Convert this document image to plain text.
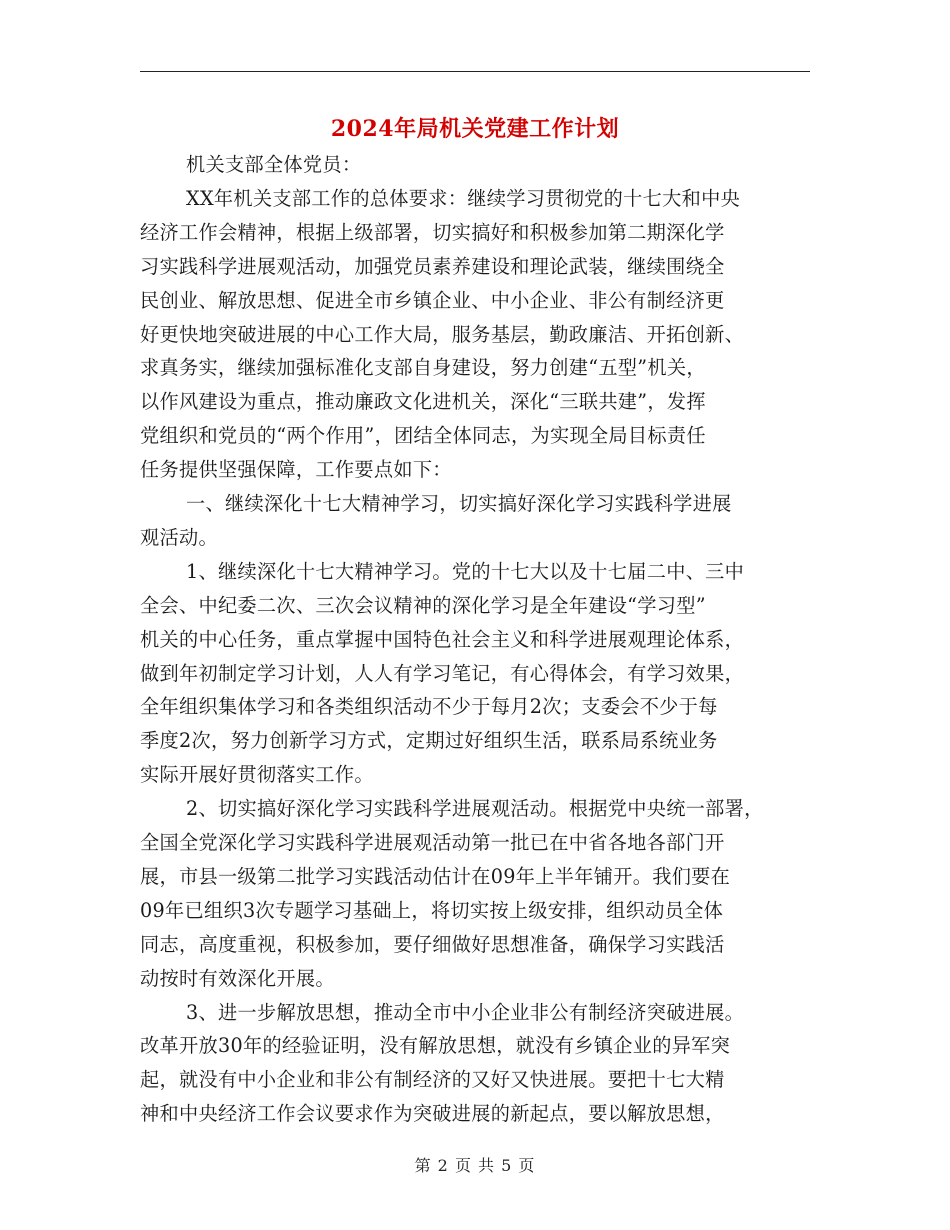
2024年局机关党建工作计划
机关支部全体党员：
XX年机关支部工作的总体要求：继续学习贯彻党的十七大和中央
经济工作会精神，根据上级部署，切实搞好和积极参加第二期深化学
习实践科学进展观活动，加强党员素养建设和理论武装，继续围绕全
民创业、解放思想、促进全市乡镇企业、中小企业、非公有制经济更
好更快地突破进展的中心工作大局，服务基层，勤政廉洁、开拓创新、
求真务实，继续加强标准化支部自身建设，努力创建“五型”机关，
以作风建设为重点，推动廉政文化进机关，深化“三联共建”，发挥
党组织和党员的“两个作用”，团结全体同志，为实现全局目标责任
任务提供坚强保障，工作要点如下：
一、继续深化十七大精神学习，切实搞好深化学习实践科学进展
观活动。
1、继续深化十七大精神学习。党的十七大以及十七届二中、三中
全会、中纪委二次、三次会议精神的深化学习是全年建设“学习型”
机关的中心任务，重点掌握中国特色社会主义和科学进展观理论体系，
做到年初制定学习计划，人人有学习笔记，有心得体会，有学习效果，
全年组织集体学习和各类组织活动不少于每月2次；支委会不少于每
季度2次，努力创新学习方式，定期过好组织生活，联系局系统业务
实际开展好贯彻落实工作。
2、切实搞好深化学习实践科学进展观活动。根据党中央统一部署，
全国全党深化学习实践科学进展观活动第一批已在中省各地各部门开
展，市县一级第二批学习实践活动估计在09年上半年铺开。我们要在
09年已组织3次专题学习基础上，将切实按上级安排，组织动员全体
同志，高度重视，积极参加，要仔细做好思想准备，确保学习实践活
动按时有效深化开展。
3、进一步解放思想，推动全市中小企业非公有制经济突破进展。
改革开放30年的经验证明，没有解放思想，就没有乡镇企业的异军突
起，就没有中小企业和非公有制经济的又好又快进展。要把十七大精
神和中央经济工作会议要求作为突破进展的新起点，要以解放思想，
第 2 页 共 5 页
